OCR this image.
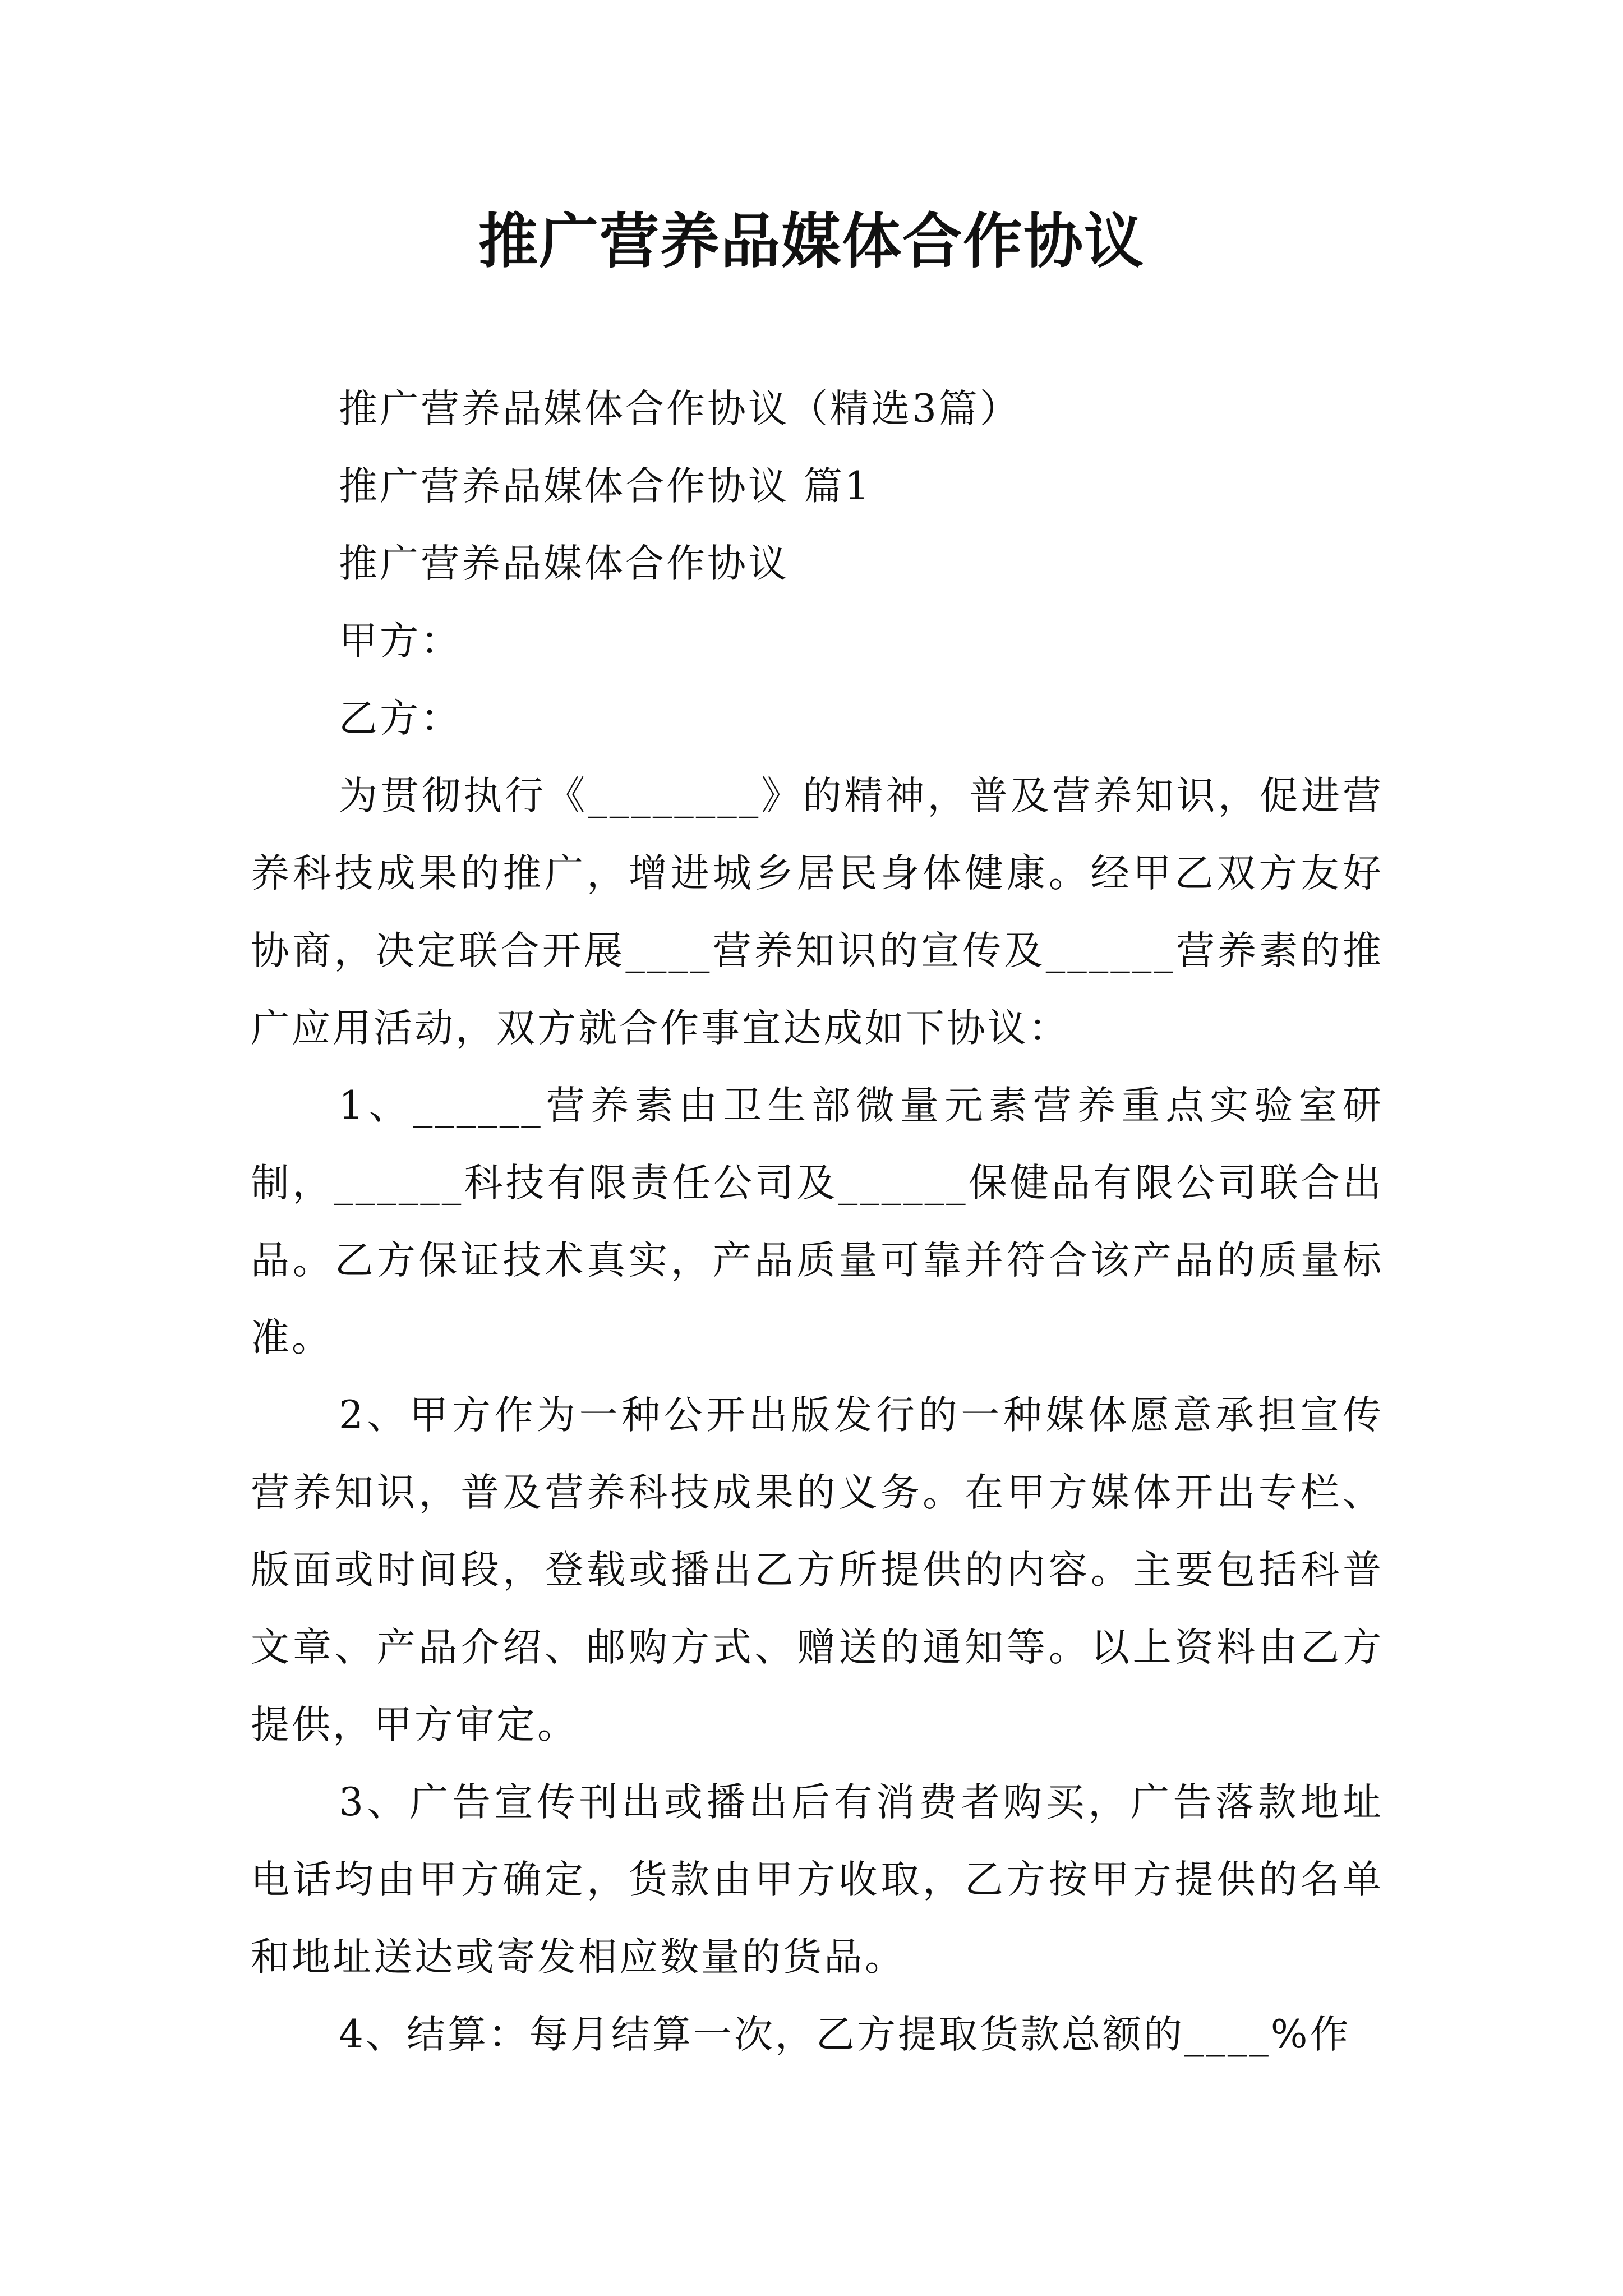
推广营养品媒体合作协议

推广营养品媒体合作协议（精选3篇）

推广营养品媒体合作协议 篇1

推广营养品媒体合作协议

甲方：

乙方：

为贯彻执行《________》的精神，普及营养知识，促进营养科技成果的推广，增进城乡居民身体健康。经甲乙双方友好协商，决定联合开展____营养知识的宣传及______营养素的推广应用活动，双方就合作事宜达成如下协议：

1、______营养素由卫生部微量元素营养重点实验室研制，______科技有限责任公司及______保健品有限公司联合出品。乙方保证技术真实，产品质量可靠并符合该产品的质量标准。

2、甲方作为一种公开出版发行的一种媒体愿意承担宣传营养知识，普及营养科技成果的义务。在甲方媒体开出专栏、版面或时间段，登载或播出乙方所提供的内容。主要包括科普文章、产品介绍、邮购方式、赠送的通知等。以上资料由乙方提供，甲方审定。

3、广告宣传刊出或播出后有消费者购买，广告落款地址电话均由甲方确定，货款由甲方收取，乙方按甲方提供的名单和地址送达或寄发相应数量的货品。

4、结算：每月结算一次，乙方提取货款总额的____%作
